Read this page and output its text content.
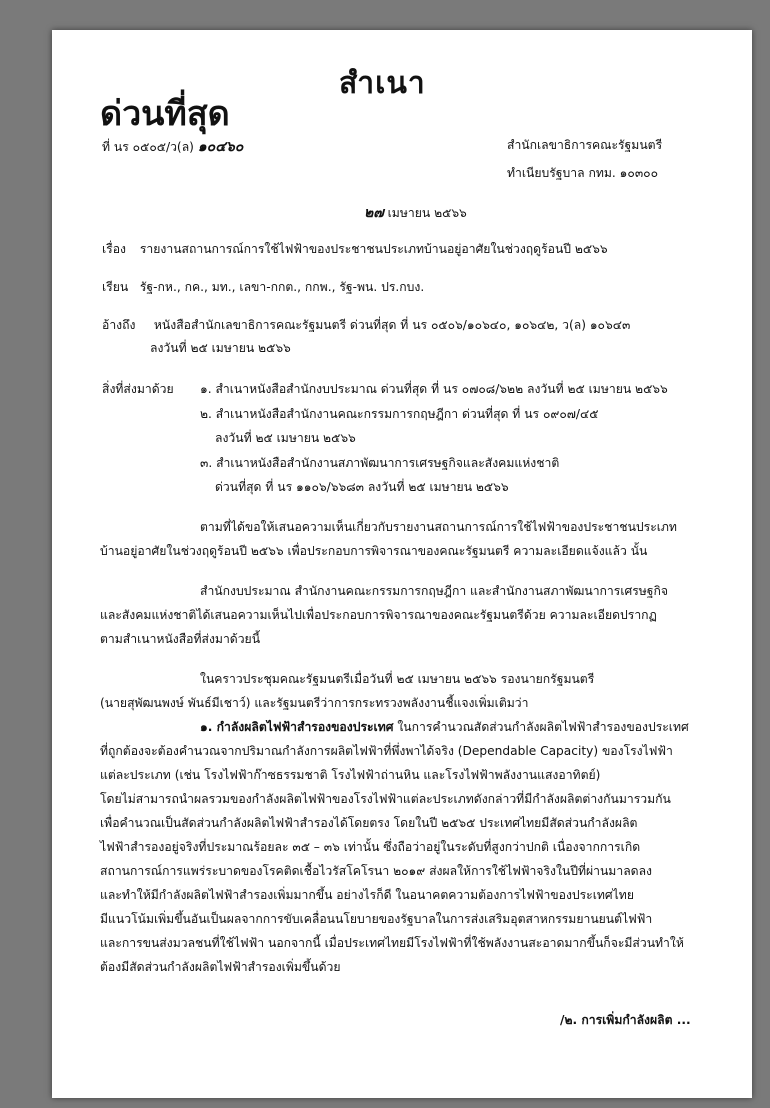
สำเนา
ด่วนที่สุด
ที่ นร ๐๕๐๕/ว(ล) ๑๐๔๖๐	สำนักเลขาธิการคณะรัฐมนตรี
ทำเนียบรัฐบาล กทม. ๑๐๓๐๐
๒๗ เมษายน ๒๕๖๖
เรื่อง รายงานสถานการณ์การใช้ไฟฟ้าของประชาชนประเภทบ้านอยู่อาศัยในช่วงฤดูร้อนปี ๒๕๖๖
เรียน รัฐ-กห., กค., มท., เลขา-กกต., กกพ., รัฐ-พน. ปร.กบง.
อ้างถึง หนังสือสำนักเลขาธิการคณะรัฐมนตรี ด่วนที่สุด ที่ นร ๐๕๐๖/๑๐๖๔๐, ๑๐๖๔๒, ว(ล) ๑๐๖๔๓
ลงวันที่ ๒๕ เมษายน ๒๕๖๖
สิ่งที่ส่งมาด้วย ๑. สำเนาหนังสือสำนักงบประมาณ ด่วนที่สุด ที่ นร ๐๗๐๘/๖๒๒ ลงวันที่ ๒๕ เมษายน ๒๕๖๖
๒. สำเนาหนังสือสำนักงานคณะกรรมการกฤษฎีกา ด่วนที่สุด ที่ นร ๐๙๐๗/๔๕
ลงวันที่ ๒๕ เมษายน ๒๕๖๖
๓. สำเนาหนังสือสำนักงานสภาพัฒนาการเศรษฐกิจและสังคมแห่งชาติ
ด่วนที่สุด ที่ นร ๑๑๐๖/๖๖๘๓ ลงวันที่ ๒๕ เมษายน ๒๕๖๖
ตามที่ได้ขอให้เสนอความเห็นเกี่ยวกับรายงานสถานการณ์การใช้ไฟฟ้าของประชาชนประเภท
บ้านอยู่อาศัยในช่วงฤดูร้อนปี ๒๕๖๖ เพื่อประกอบการพิจารณาของคณะรัฐมนตรี ความละเอียดแจ้งแล้ว นั้น
สำนักงบประมาณ สำนักงานคณะกรรมการกฤษฎีกา และสำนักงานสภาพัฒนาการเศรษฐกิจ
และสังคมแห่งชาติได้เสนอความเห็นไปเพื่อประกอบการพิจารณาของคณะรัฐมนตรีด้วย ความละเอียดปรากฏ
ตามสำเนาหนังสือที่ส่งมาด้วยนี้
ในคราวประชุมคณะรัฐมนตรีเมื่อวันที่ ๒๕ เมษายน ๒๕๖๖ รองนายกรัฐมนตรี
(นายสุพัฒนพงษ์ พันธ์มีเชาว์) และรัฐมนตรีว่าการกระทรวงพลังงานชี้แจงเพิ่มเติมว่า
๑. กำลังผลิตไฟฟ้าสำรองของประเทศ ในการคำนวณสัดส่วนกำลังผลิตไฟฟ้าสำรองของประเทศ
ที่ถูกต้องจะต้องคำนวณจากปริมาณกำลังการผลิตไฟฟ้าที่พึ่งพาได้จริง (Dependable Capacity) ของโรงไฟฟ้า
แต่ละประเภท (เช่น โรงไฟฟ้าก๊าซธรรมชาติ โรงไฟฟ้าถ่านหิน และโรงไฟฟ้าพลังงานแสงอาทิตย์)
โดยไม่สามารถนำผลรวมของกำลังผลิตไฟฟ้าของโรงไฟฟ้าแต่ละประเภทดังกล่าวที่มีกำลังผลิตต่างกันมารวมกัน
เพื่อคำนวณเป็นสัดส่วนกำลังผลิตไฟฟ้าสำรองได้โดยตรง โดยในปี ๒๕๖๕ ประเทศไทยมีสัดส่วนกำลังผลิต
ไฟฟ้าสำรองอยู่จริงที่ประมาณร้อยละ ๓๕ – ๓๖ เท่านั้น ซึ่งถือว่าอยู่ในระดับที่สูงกว่าปกติ เนื่องจากการเกิด
สถานการณ์การแพร่ระบาดของโรคติดเชื้อไวรัสโคโรนา ๒๐๑๙ ส่งผลให้การใช้ไฟฟ้าจริงในปีที่ผ่านมาลดลง
และทำให้มีกำลังผลิตไฟฟ้าสำรองเพิ่มมากขึ้น อย่างไรก็ดี ในอนาคตความต้องการไฟฟ้าของประเทศไทย
มีแนวโน้มเพิ่มขึ้นอันเป็นผลจากการขับเคลื่อนนโยบายของรัฐบาลในการส่งเสริมอุตสาหกรรมยานยนต์ไฟฟ้า
และการขนส่งมวลชนที่ใช้ไฟฟ้า นอกจากนี้ เมื่อประเทศไทยมีโรงไฟฟ้าที่ใช้พลังงานสะอาดมากขึ้นก็จะมีส่วนทำให้
ต้องมีสัดส่วนกำลังผลิตไฟฟ้าสำรองเพิ่มขึ้นด้วย
/๒. การเพิ่มกำลังผลิต ...
